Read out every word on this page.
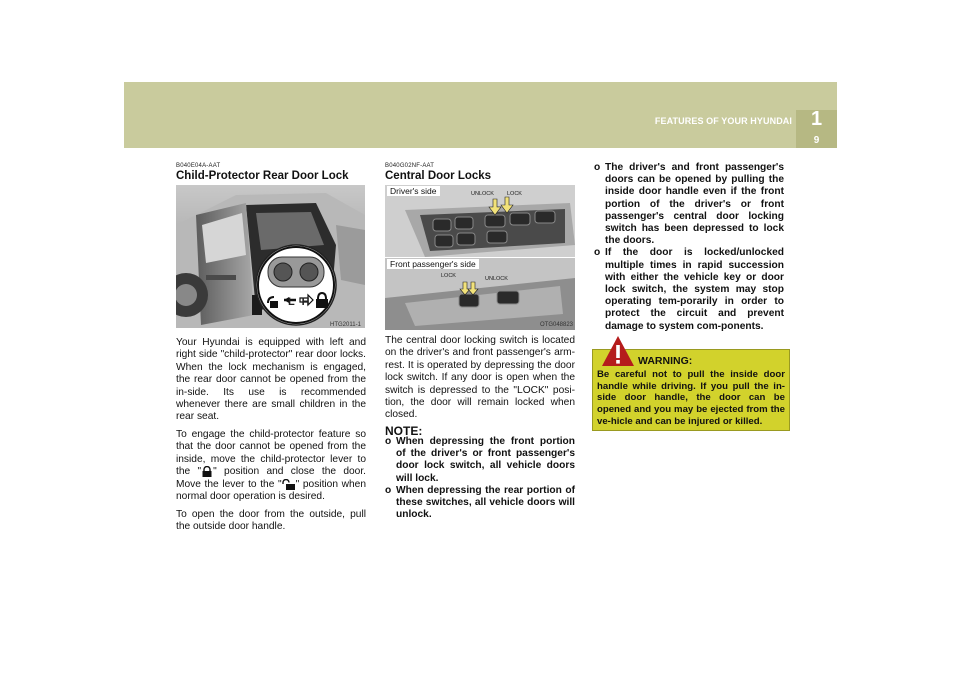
1
FEATURES OF YOUR HYUNDAI
9
B040E04A-AAT
Child-Protector Rear Door Lock
L H
HTG2011-1

Your Hyundai is equipped with left and right side "child-protector" rear door locks. When the lock mechanism is engaged, the rear door cannot be opened from the in-side. Its use is recommended whenever there are small children in the rear seat.

To engage the child-protector feature so that the door cannot be opened from the inside, move the child-protector lever to the " " position and close the door. Move the lever to the " " position when normal door operation is desired.

To open the door from the outside, pull the outside door handle.

B040G02NF-AAT
Central Door Locks
Driver's side	UNLOCK LOCK
Front passenger's side
LOCK	UNLOCK
OTG048823
The central door locking switch is located on the driver's and front passenger's arm-rest. It is operated by depressing the door lock switch. If any door is open when the switch is depressed to the "LOCK" posi-tion, the door will remain locked when closed.
NOTE:
o When depressing the front portion of the driver's or front passenger's door lock switch, all vehicle doors will lock.
o When depressing the rear portion of these switches, all vehicle doors will unlock.
o The driver's and front passenger's doors can be opened by pulling the inside door handle even if the front portion of the driver's or front passenger's central door locking switch has been depressed to lock the doors.
o If the door is locked/unlocked multiple times in rapid succession with either the vehicle key or door lock switch, the system may stop operating tem-porarily in order to protect the circuit and prevent damage to system com-ponents.
WARNING:
Be careful not to pull the inside door handle while driving. If you pull the in-side door handle, the door can be opened and you may be ejected from the ve-hicle and can be injured or killed.
